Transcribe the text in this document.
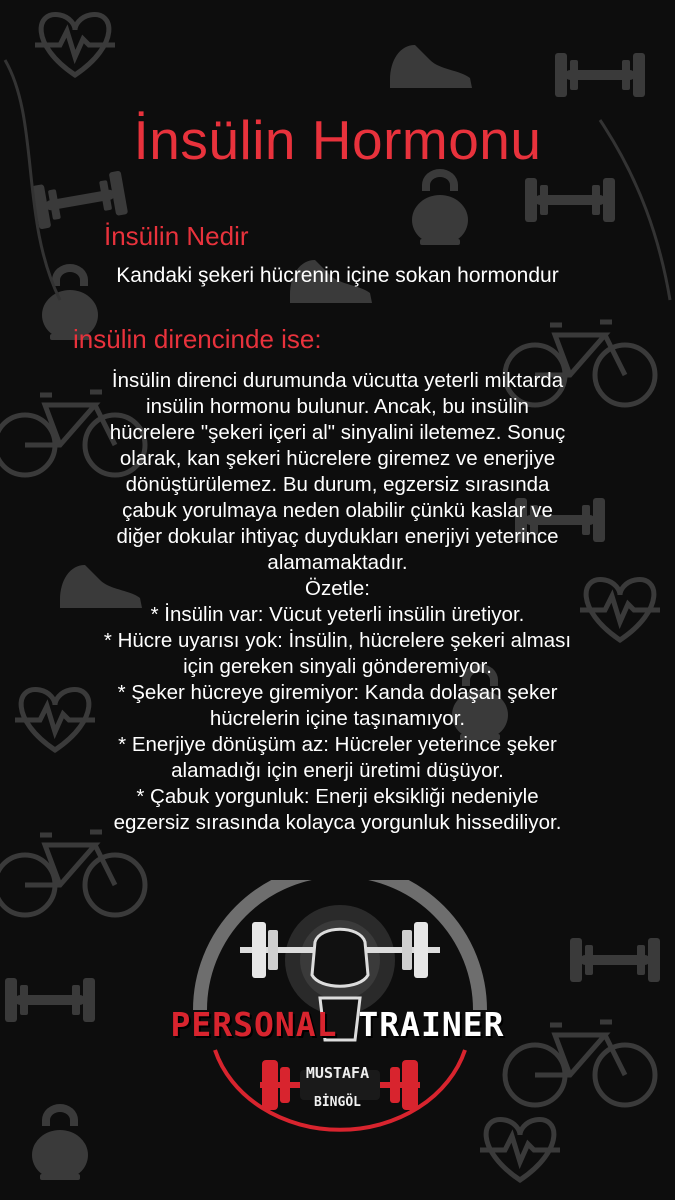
İnsülin Hormonu
İnsülin Nedir
Kandaki şekeri hücrenin içine sokan hormondur
insülin direncinde ise:

İnsülin direnci durumunda vücutta yeterli miktarda

insülin hormonu bulunur. Ancak, bu insülin

hücrelere "şekeri içeri al" sinyalini iletemez. Sonuç

olarak, kan şekeri hücrelere giremez ve enerjiye

dönüştürülemez. Bu durum, egzersiz sırasında

çabuk yorulmaya neden olabilir çünkü kaslar ve

diğer dokular ihtiyaç duydukları enerjiyi yeterince

alamamaktadır.

Özetle:

* İnsülin var: Vücut yeterli insülin üretiyor.

* Hücre uyarısı yok: İnsülin, hücrelere şekeri alması

için gereken sinyali gönderemiyor.

* Şeker hücreye giremiyor: Kanda dolaşan şeker

hücrelerin içine taşınamıyor.

* Enerjiye dönüşüm az: Hücreler yeterince şeker

alamadığı için enerji üretimi düşüyor.

* Çabuk yorgunluk: Enerji eksikliği nedeniyle

egzersiz sırasında kolayca yorgunluk hissediliyor.

PERSONAL TRAINER
MUSTAFA
BİNGÖL
